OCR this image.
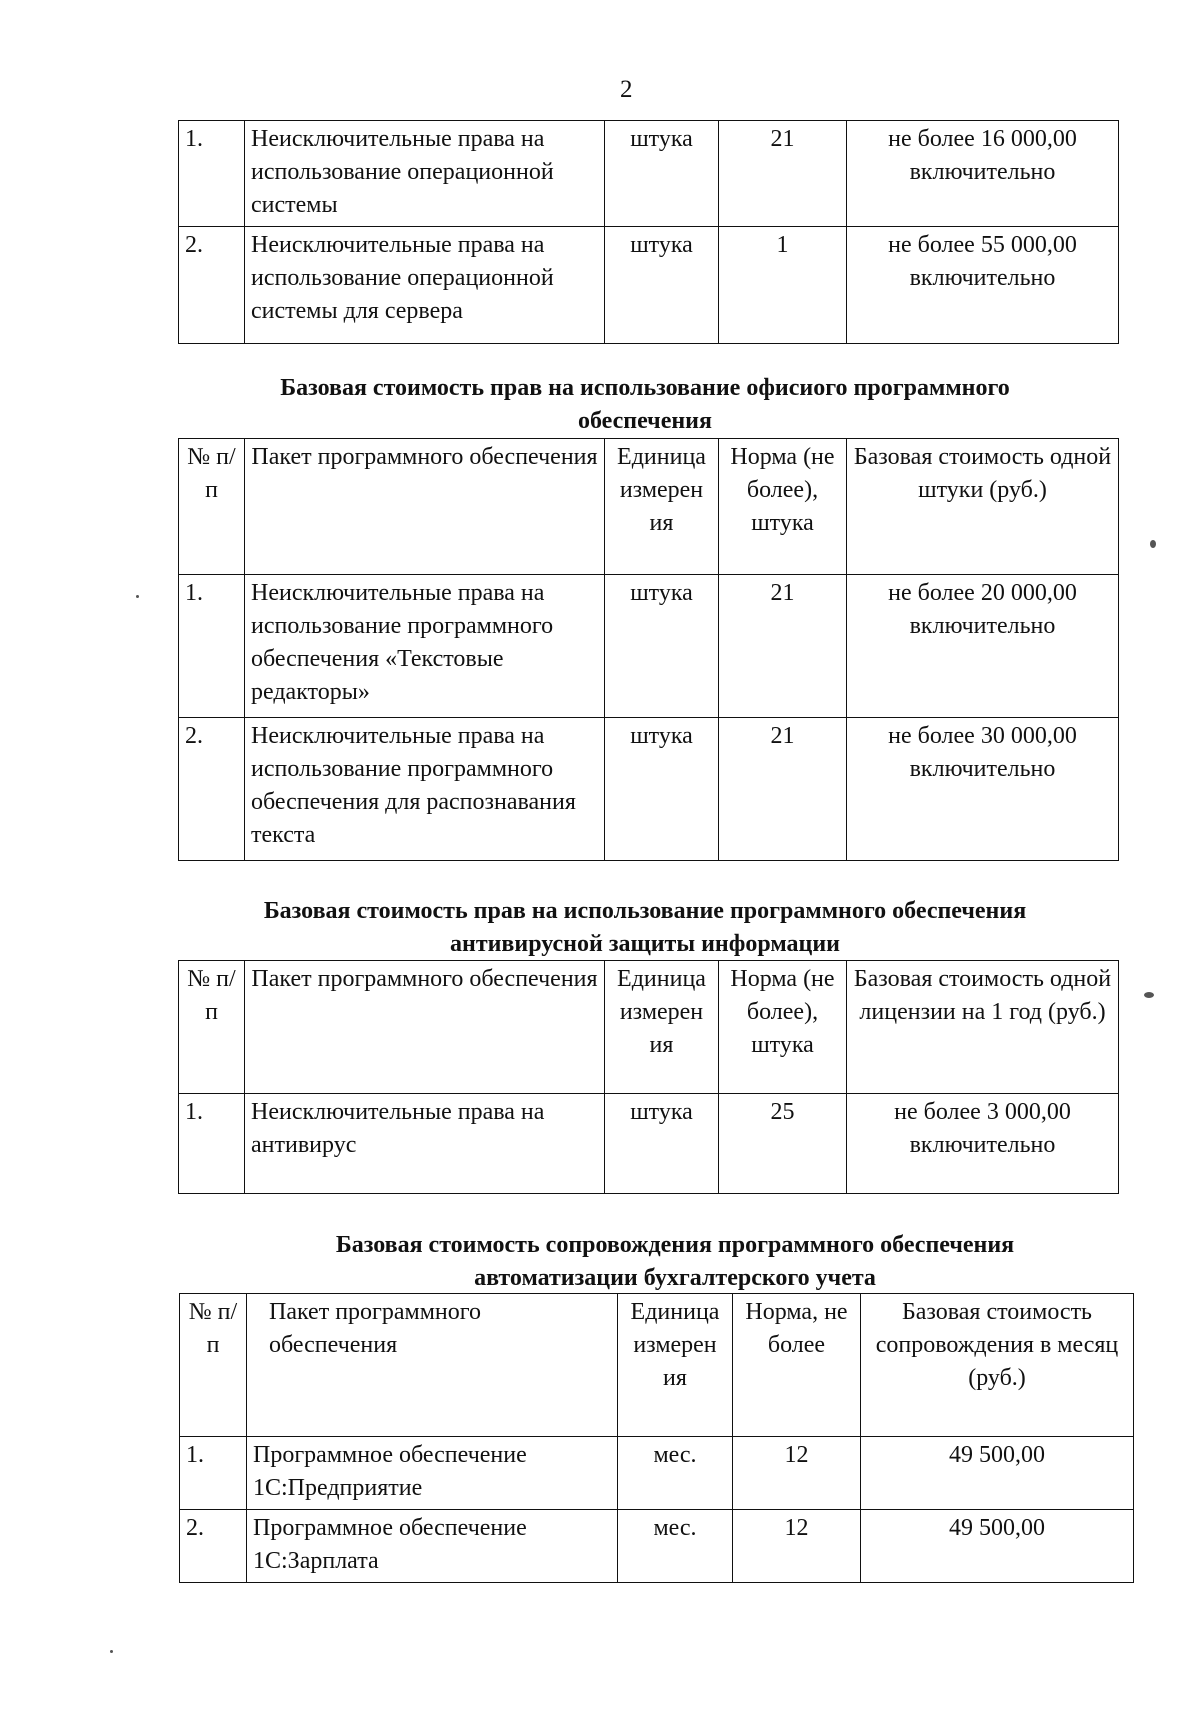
2
1.	Неисключительные права на использование операционной системы	штука	21	не более 16 000,00 включительно
2.	Неисключительные права на использование операционной системы для сервера	штука	1	не более 55 000,00 включительно
Базовая стоимость прав на использование офисиого программного обеспечения
№ п/п	Пакет программного обеспечения	Единица измерен ия	Норма (не более), штука	Базовая стоимость одной штуки (руб.)
1.	Неисключительные права на использование программного обеспечения «Текстовые редакторы»	штука	21	не более 20 000,00 включительно
2.	Неисключительные права на использование программного обеспечения для распознавания текста	штука	21	не более 30 000,00 включительно
Базовая стоимость прав на использование программного обеспечения антивирусной защиты информации
№ п/п	Пакет программного обеспечения	Единица измерен ия	Норма (не более), штука	Базовая стоимость одной лицензии на 1 год (руб.)
1.	Неисключительные права на антивирус	штука	25	не более 3 000,00 включительно
Базовая стоимость сопровождения программного обеспечения автоматизации бухгалтерского учета
№ п/п	Пакет программного обеспечения	Единица измерен ия	Норма, не более	Базовая стоимость сопровождения в месяц (руб.)
1.	Программное обеспечение 1С:Предприятие	мес.	12	49 500,00
2.	Программное обеспечение 1С:Зарплата	мес.	12	49 500,00
